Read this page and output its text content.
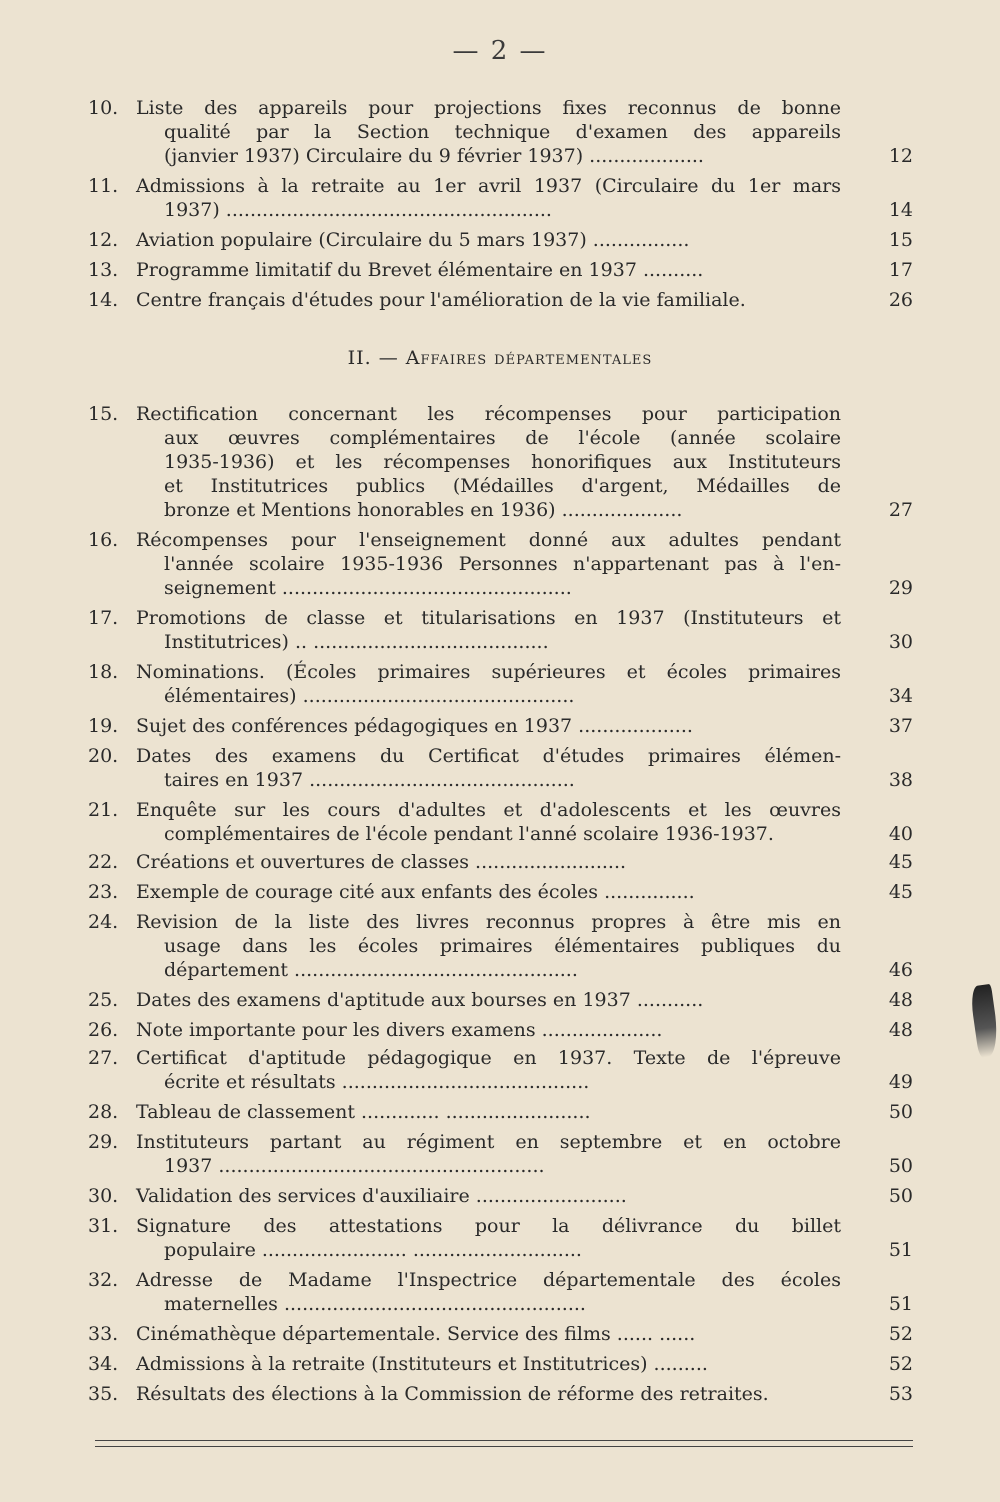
— 2 —
II. — Affaires départementales
10. Liste des appareils pour projections fixes reconnus de bonne
qualité par la Section technique d'examen des appareils
(janvier 1937) Circulaire du 9 février 1937) ...................	12
11. Admissions à la retraite au 1er avril 1937 (Circulaire du 1er mars
1937) ......................................................	14
12. Aviation populaire (Circulaire du 5 mars 1937) ................	15
13. Programme limitatif du Brevet élémentaire en 1937 ..........	17
14. Centre français d'études pour l'amélioration de la vie familiale.	26
15. Rectification concernant les récompenses pour participation
aux œuvres complémentaires de l'école (année scolaire
1935-1936) et les récompenses honorifiques aux Instituteurs
et Institutrices publics (Médailles d'argent, Médailles de
bronze et Mentions honorables en 1936) ....................	27
16. Récompenses pour l'enseignement donné aux adultes pendant
l'année scolaire 1935-1936 Personnes n'appartenant pas à l'en-
seignement ................................................	29
17. Promotions de classe et titularisations en 1937 (Instituteurs et
Institutrices) .. .......................................	30
18. Nominations. (Écoles primaires supérieures et écoles primaires
élémentaires) .............................................	34
19. Sujet des conférences pédagogiques en 1937 ...................	37
20. Dates des examens du Certificat d'études primaires élémen-
taires en 1937 ............................................	38
21. Enquête sur les cours d'adultes et d'adolescents et les œuvres
complémentaires de l'école pendant l'anné scolaire 1936-1937.	40
22. Créations et ouvertures de classes .........................	45
23. Exemple de courage cité aux enfants des écoles ...............	45
24. Revision de la liste des livres reconnus propres à être mis en
usage dans les écoles primaires élémentaires publiques du
département ...............................................	46
25. Dates des examens d'aptitude aux bourses en 1937 ...........	48
26. Note importante pour les divers examens ....................	48
27. Certificat d'aptitude pédagogique en 1937. Texte de l'épreuve
écrite et résultats .........................................	49
28. Tableau de classement ............. ........................	50
29. Instituteurs partant au régiment en septembre et en octobre
1937 ......................................................	50
30. Validation des services d'auxiliaire .........................	50
31. Signature des attestations pour la délivrance du billet
populaire ........................ ............................	51
32. Adresse de Madame l'Inspectrice départementale des écoles
maternelles ..................................................	51
33. Cinémathèque départementale. Service des films ...... ......	52
34. Admissions à la retraite (Instituteurs et Institutrices) .........	52
35. Résultats des élections à la Commission de réforme des retraites.	53
